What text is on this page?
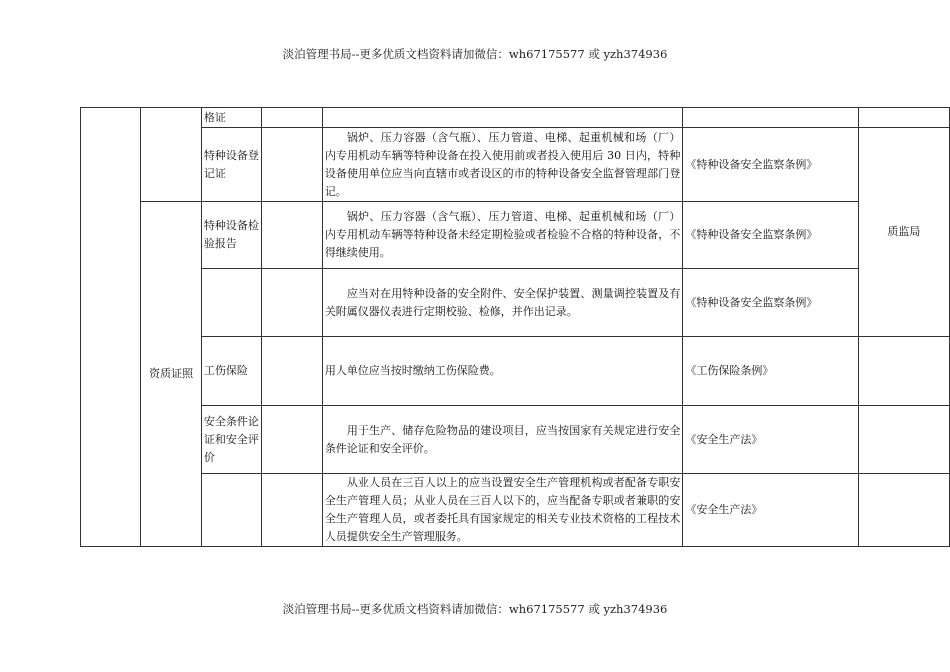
淡泊管理书局--更多优质文档资料请加微信：wh67175577 或 yzh374936
		格证				
		特种设备登记证		锅炉、压力容器（含气瓶）、压力管道、电梯、起重机械和场（厂）内专用机动车辆等特种设备在投入使用前或者投入使用后 30 日内，特种设备使用单位应当向直辖市或者设区的市的特种设备安全监督管理部门登记。	《特种设备安全监察条例》	质监局
	资质证照	特种设备检验报告		锅炉、压力容器（含气瓶）、压力管道、电梯、起重机械和场（厂）内专用机动车辆等特种设备未经定期检验或者检验不合格的特种设备，不得继续使用。	《特种设备安全监察条例》	

				应当对在用特种设备的安全附件、安全保护装置、测量调控装置及有关附属仪器仪表进行定期校验、检修，并作出记录。	《特种设备安全监察条例》	
		工伤保险		用人单位应当按时缴纳工伤保险费。	《工伤保险条例》	
		安全条件论证和安全评价		用于生产、储存危险物品的建设项目，应当按国家有关规定进行安全条件论证和安全评价。	《安全生产法》	

				从业人员在三百人以上的应当设置安全生产管理机构或者配备专职安全生产管理人员；从业人员在三百人以下的，应当配备专职或者兼职的安全生产管理人员，或者委托具有国家规定的相关专业技术资格的工程技术人员提供安全生产管理服务。	《安全生产法》	
淡泊管理书局--更多优质文档资料请加微信：wh67175577 或 yzh374936
